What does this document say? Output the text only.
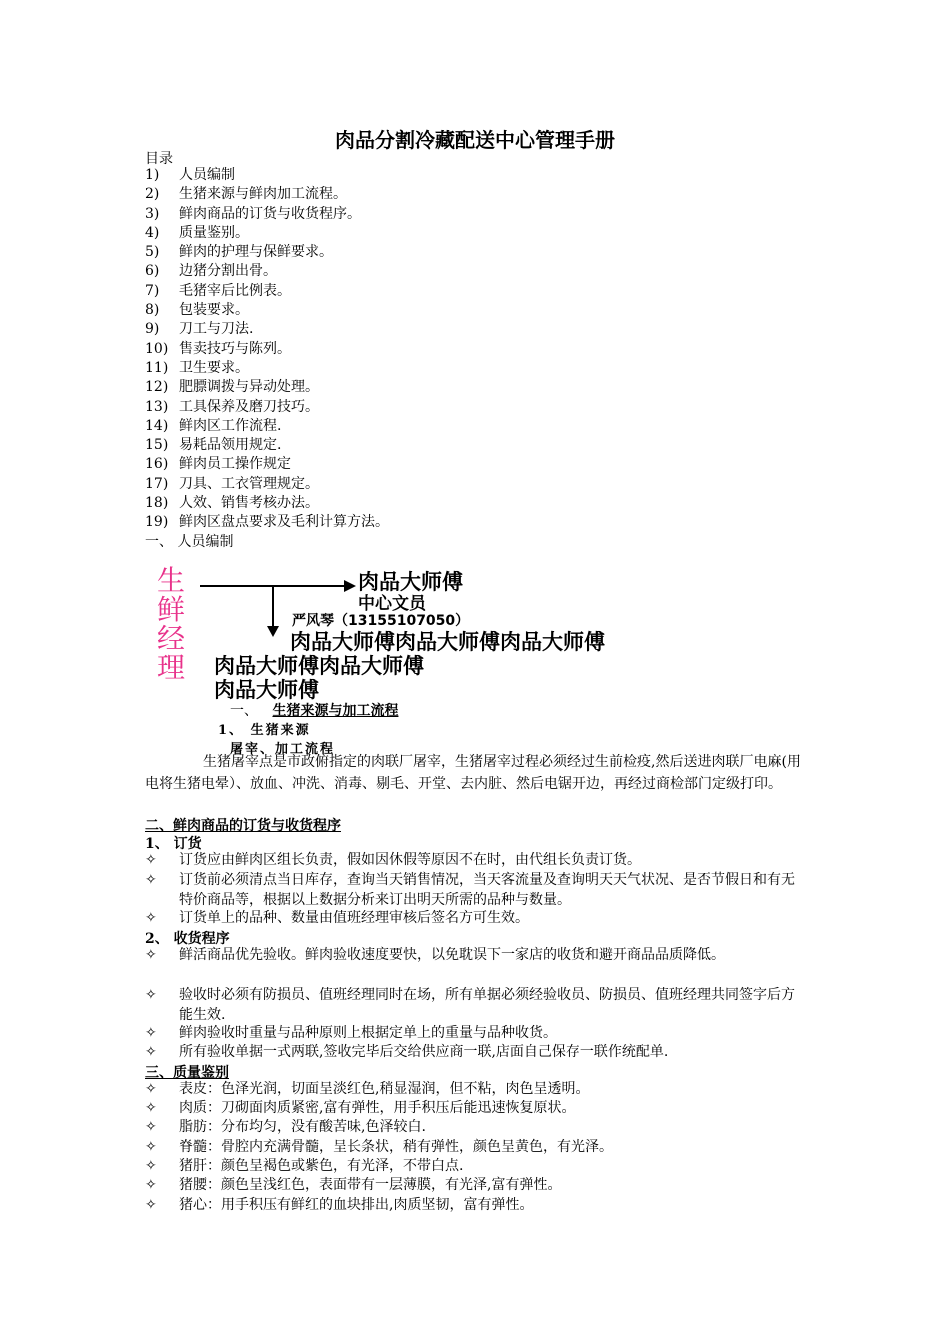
肉品分割冷藏配送中心管理手册
目录
1) 人员编制
2) 生猪来源与鲜肉加工流程。
3) 鲜肉商品的订货与收货程序。
4) 质量鉴别。
5) 鲜肉的护理与保鲜要求。
6) 边猪分割出骨。
7) 毛猪宰后比例表。
8) 包装要求。
9) 刀工与刀法.
10) 售卖技巧与陈列。
11) 卫生要求。
12) 肥膘调拨与异动处理。
13) 工具保养及磨刀技巧。
14) 鲜肉区工作流程.
15) 易耗品领用规定.
16) 鲜肉员工操作规定
17) 刀具、工衣管理规定。
18) 人效、销售考核办法。
19) 鲜肉区盘点要求及毛利计算方法。
一、 人员编制
生
鲜
经
理
肉品大师傅
中心文员
严风琴（13155107050）
肉品大师傅肉品大师傅肉品大师傅
肉品大师傅肉品大师傅
肉品大师傅
一、 生猪来源与加工流程
1、 生猪来源
屠宰、加工流程
生猪屠宰点是市政俯指定的肉联厂屠宰，生猪屠宰过程必须经过生前检疫,然后送进肉联厂电麻(用电将生猪电晕）、放血、冲洗、消毒、剔毛、开堂、去内脏、然后电锯开边，再经过商检部门定级打印。
二、鲜肉商品的订货与收货程序
1、 订货
✧ 订货应由鲜肉区组长负责，假如因休假等原因不在时，由代组长负责订货。
✧ 订货前必须清点当日库存，查询当天销售情况，当天客流量及查询明天天气状况、是否节假日和有无特价商品等，根据以上数据分析来订出明天所需的品种与数量。
✧ 订货单上的品种、数量由值班经理审核后签名方可生效。
2、 收货程序
✧ 鲜活商品优先验收。鲜肉验收速度要快，以免耽误下一家店的收货和避开商品品质降低。
✧ 验收时必须有防损员、值班经理同时在场，所有单据必须经验收员、防损员、值班经理共同签字后方能生效.
✧ 鲜肉验收时重量与品种原则上根据定单上的重量与品种收货。
✧ 所有验收单据一式两联,签收完毕后交给供应商一联,店面自己保存一联作统配单.
三、质量鉴别
✧ 表皮：色泽光润，切面呈淡红色,稍显湿润，但不粘，肉色呈透明。
✧ 肉质：刀砌面肉质紧密,富有弹性，用手积压后能迅速恢复原状。
✧ 脂肪：分布均匀，没有酸苦味,色泽较白.
✧ 脊髓：骨腔内充满骨髓，呈长条状，稍有弹性，颜色呈黄色，有光泽。
✧ 猪肝：颜色呈褐色或紫色，有光泽，不带白点.
✧ 猪腰：颜色呈浅红色，表面带有一层薄膜，有光泽,富有弹性。
✧ 猪心：用手积压有鲜红的血块排出,肉质坚韧，富有弹性。
